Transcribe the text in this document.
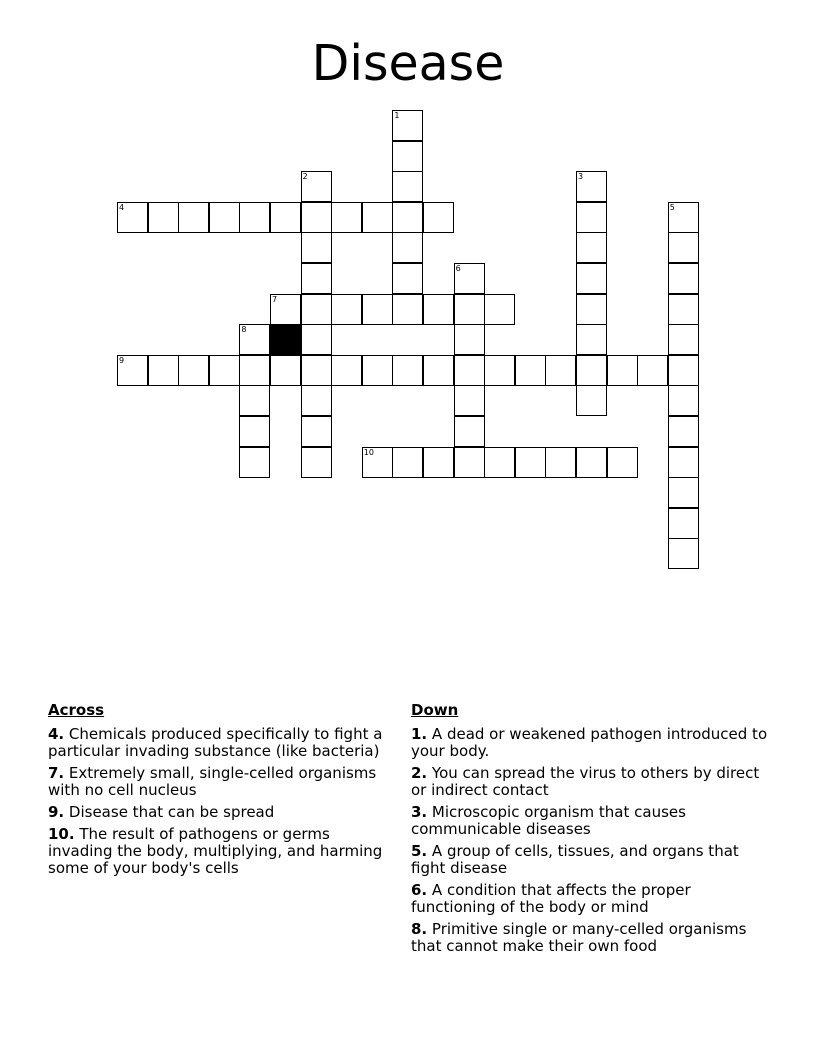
Disease
1
2	3
4	5
6
7
8
9
10
Across
4. Chemicals produced specifically to fight a particular invading substance (like bacteria)
7. Extremely small, single-celled organisms with no cell nucleus
9. Disease that can be spread
10. The result of pathogens or germs invading the body, multiplying, and harming some of your body's cells
Down
1. A dead or weakened pathogen introduced to your body.
2. You can spread the virus to others by direct or indirect contact
3. Microscopic organism that causes communicable diseases
5. A group of cells, tissues, and organs that fight disease
6. A condition that affects the proper functioning of the body or mind
8. Primitive single or many-celled organisms that cannot make their own food
